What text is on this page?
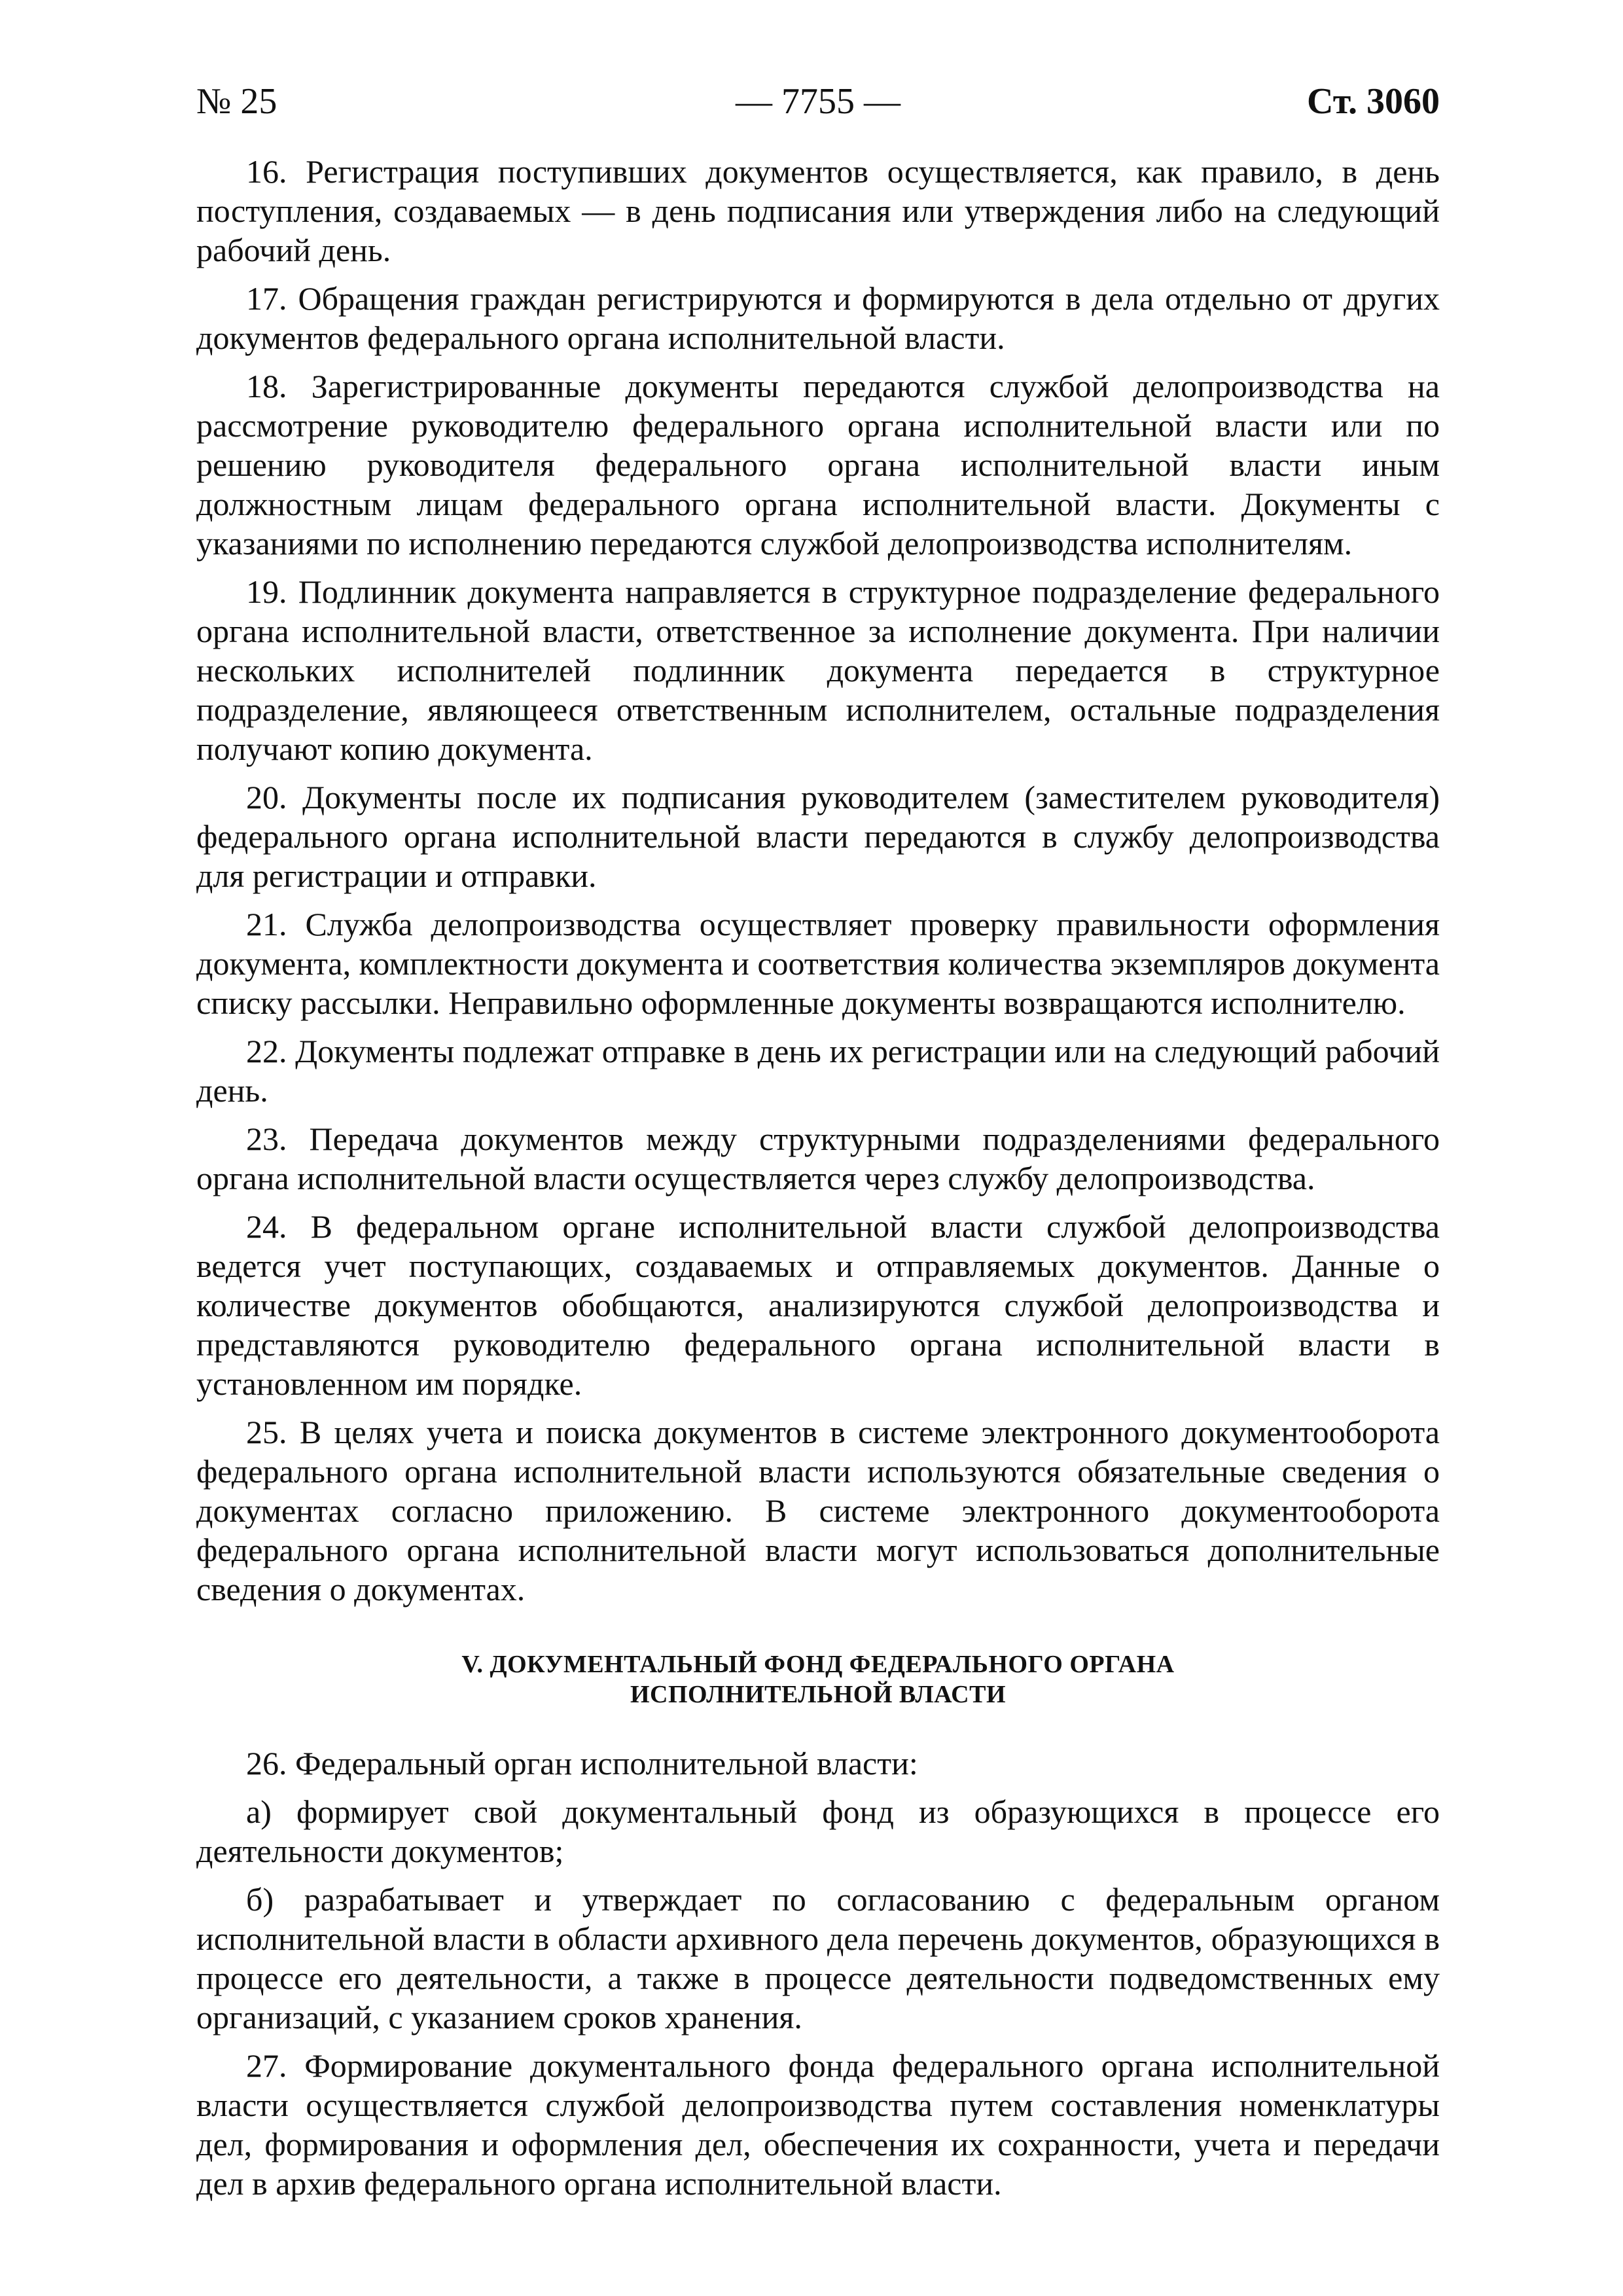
№ 25	— 7755 —	Ст. 3060

16. Регистрация поступивших документов осуществляется, как правило, в день поступления, создаваемых — в день подписания или утверждения либо на следующий рабочий день.

17. Обращения граждан регистрируются и формируются в дела отдельно от других документов федерального органа исполнительной власти.

18. Зарегистрированные документы передаются службой делопроизводства на рассмотрение руководителю федерального органа исполнительной власти или по решению руководителя федерального органа исполнительной власти иным должностным лицам федерального органа исполнительной власти. Документы с указаниями по исполнению передаются службой делопроизводства исполнителям.

19. Подлинник документа направляется в структурное подразделение федерального органа исполнительной власти, ответственное за исполнение документа. При наличии нескольких исполнителей подлинник документа передается в структурное подразделение, являющееся ответственным исполнителем, остальные подразделения получают копию документа.

20. Документы после их подписания руководителем (заместителем руководителя) федерального органа исполнительной власти передаются в службу делопроизводства для регистрации и отправки.

21. Служба делопроизводства осуществляет проверку правильности оформления документа, комплектности документа и соответствия количества экземпляров документа списку рассылки. Неправильно оформленные документы возвращаются исполнителю.

22. Документы подлежат отправке в день их регистрации или на следующий рабочий день.

23. Передача документов между структурными подразделениями федерального органа исполнительной власти осуществляется через службу делопроизводства.

24. В федеральном органе исполнительной власти службой делопроизводства ведется учет поступающих, создаваемых и отправляемых документов. Данные о количестве документов обобщаются, анализируются службой делопроизводства и представляются руководителю федерального органа исполнительной власти в установленном им порядке.

25. В целях учета и поиска документов в системе электронного документооборота федерального органа исполнительной власти используются обязательные сведения о документах согласно приложению. В системе электронного документооборота федерального органа исполнительной власти могут использоваться дополнительные сведения о документах.

V. ДОКУМЕНТАЛЬНЫЙ ФОНД ФЕДЕРАЛЬНОГО ОРГАНА
ИСПОЛНИТЕЛЬНОЙ ВЛАСТИ

26. Федеральный орган исполнительной власти:

а) формирует свой документальный фонд из образующихся в процессе его деятельности документов;

б) разрабатывает и утверждает по согласованию с федеральным органом исполнительной власти в области архивного дела перечень документов, образующихся в процессе его деятельности, а также в процессе деятельности подведомственных ему организаций, с указанием сроков хранения.

27. Формирование документального фонда федерального органа исполнительной власти осуществляется службой делопроизводства путем составления номенклатуры дел, формирования и оформления дел, обеспечения их сохранности, учета и передачи дел в архив федерального органа исполнительной власти.
